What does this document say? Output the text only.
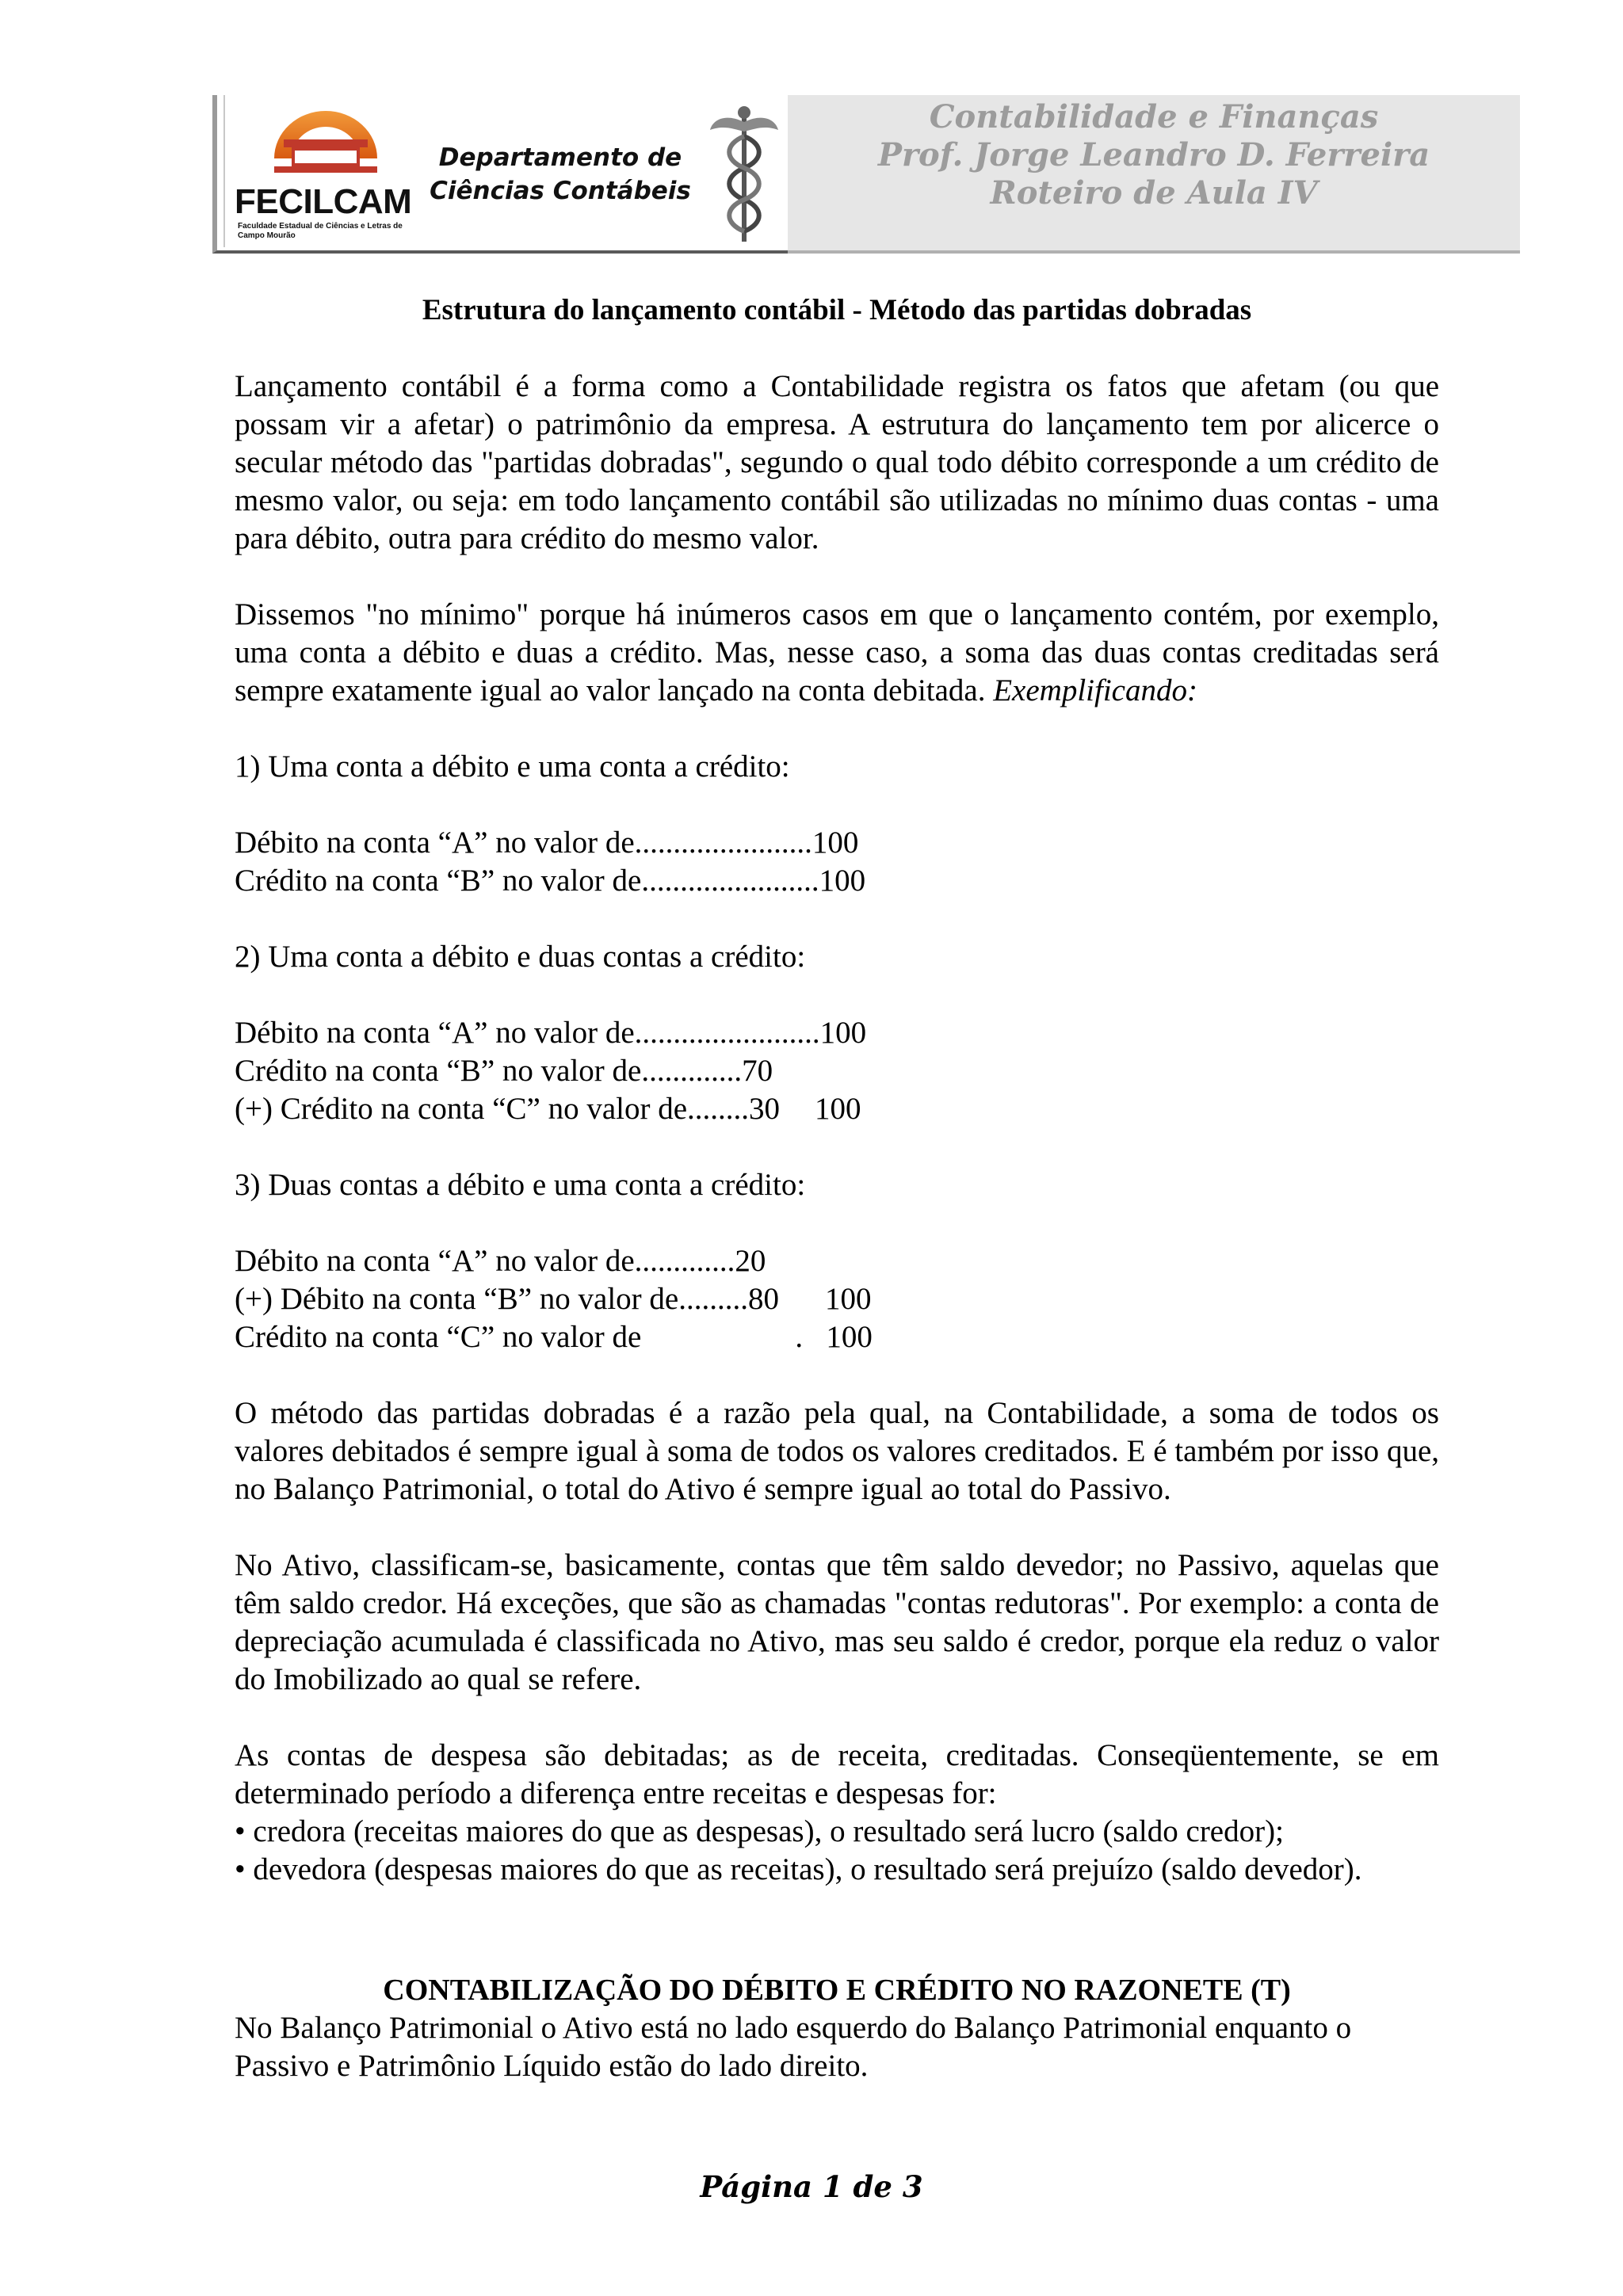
FECILCAM
Faculdade Estadual de Ciências e Letras de Campo Mourão
Departamento de
Ciências Contábeis
Contabilidade e Finanças
Prof. Jorge Leandro D. Ferreira
Roteiro de Aula IV
Estrutura do lançamento contábil - Método das partidas dobradas

Lançamento contábil é a forma como a Contabilidade registra os fatos que afetam (ou que possam vir a afetar) o patrimônio da empresa. A estrutura do lançamento tem por alicerce o secular método das "partidas dobradas", segundo o qual todo débito corresponde a um crédito de mesmo valor, ou seja: em todo lançamento contábil são utilizadas no mínimo duas contas - uma para débito, outra para crédito do mesmo valor.

Dissemos "no mínimo" porque há inúmeros casos em que o lançamento contém, por exemplo, uma conta a débito e duas a crédito. Mas, nesse caso, a soma das duas contas creditadas será sempre exatamente igual ao valor lançado na conta debitada. Exemplificando:

1) Uma conta a débito e uma conta a crédito:

Débito na conta “A” no valor de.......................100
Crédito na conta “B” no valor de.......................100

2) Uma conta a débito e duas contas a crédito:

Débito na conta “A” no valor de........................100
Crédito na conta “B” no valor de.............70
(+) Crédito na conta “C” no valor de........30 100

3) Duas contas a débito e uma conta a crédito:

Débito na conta “A” no valor de.............20
(+) Débito na conta “B” no valor de.........80 100
Crédito na conta “C” no valor de	.   100

O método das partidas dobradas é a razão pela qual, na Contabilidade, a soma de todos os valores debitados é sempre igual à soma de todos os valores creditados. E é também por isso que, no Balanço Patrimonial, o total do Ativo é sempre igual ao total do Passivo.

No Ativo, classificam-se, basicamente, contas que têm saldo devedor; no Passivo, aquelas que têm saldo credor. Há exceções, que são as chamadas "contas redutoras". Por exemplo: a conta de depreciação acumulada é classificada no Ativo, mas seu saldo é credor, porque ela reduz o valor do Imobilizado ao qual se refere.

As contas de despesa são debitadas; as de receita, creditadas. Conseqüentemente, se em determinado período a diferença entre receitas e despesas for:
• credora (receitas maiores do que as despesas), o resultado será lucro (saldo credor);
• devedora (despesas maiores do que as receitas), o resultado será prejuízo (saldo devedor).
CONTABILIZAÇÃO DO DÉBITO E CRÉDITO NO RAZONETE (T)
No Balanço Patrimonial o Ativo está no lado esquerdo do Balanço Patrimonial enquanto o Passivo e Patrimônio Líquido estão do lado direito.
Página 1 de 3
